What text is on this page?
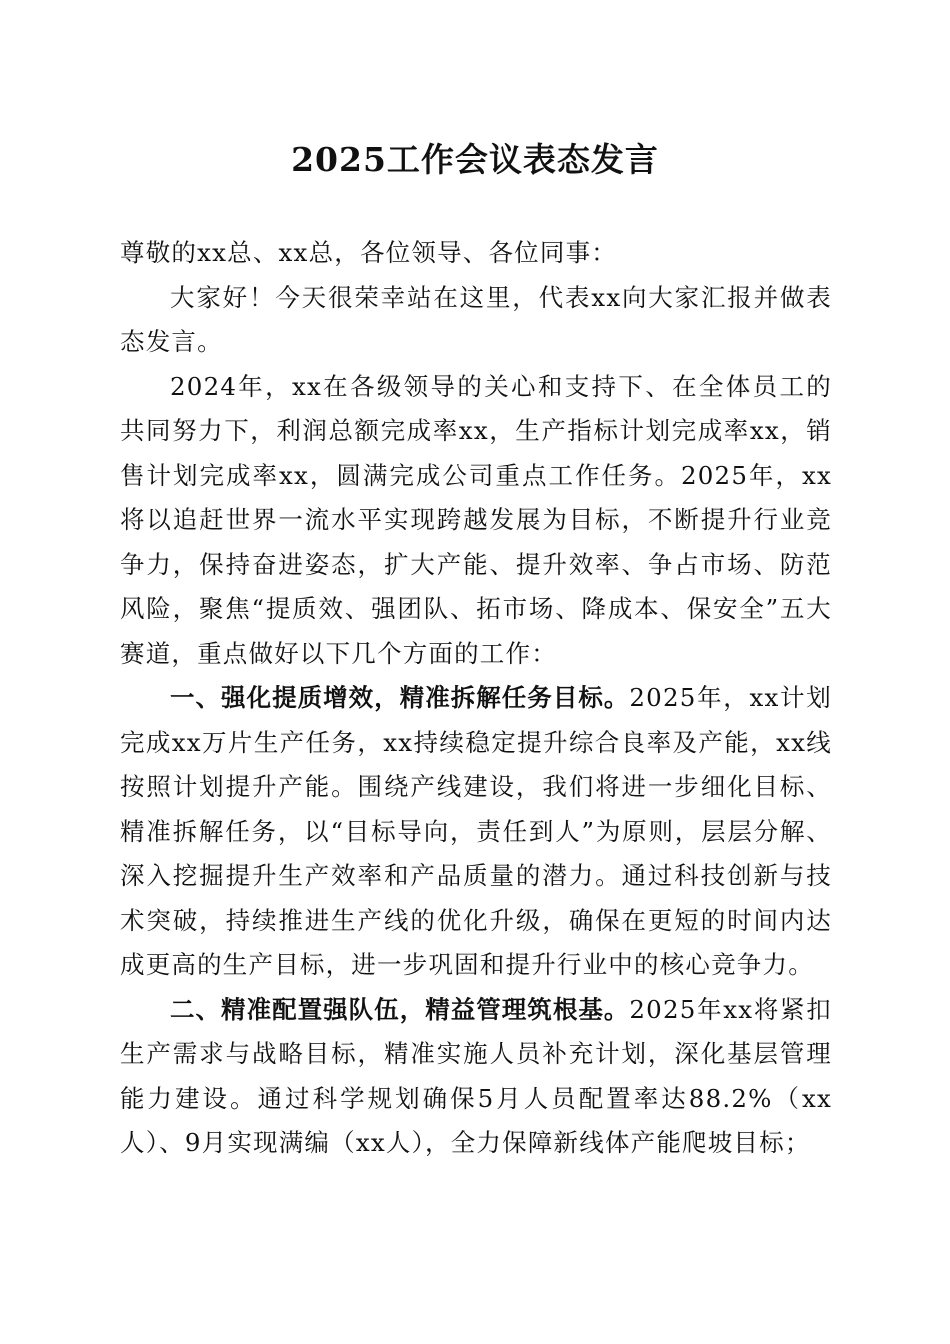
2025工作会议表态发言

尊敬的xx总、xx总，各位领导、各位同事：

大家好！今天很荣幸站在这里，代表xx向大家汇报并做表态发言。

2024年，xx在各级领导的关心和支持下、在全体员工的共同努力下，利润总额完成率xx，生产指标计划完成率xx，销售计划完成率xx，圆满完成公司重点工作任务。2025年，xx将以追赶世界一流水平实现跨越发展为目标，不断提升行业竞争力，保持奋进姿态，扩大产能、提升效率、争占市场、防范风险，聚焦“提质效、强团队、拓市场、降成本、保安全”五大赛道，重点做好以下几个方面的工作：

一、强化提质增效，精准拆解任务目标。2025年，xx计划完成xx万片生产任务，xx持续稳定提升综合良率及产能，xx线按照计划提升产能。围绕产线建设，我们将进一步细化目标、精准拆解任务，以“目标导向，责任到人”为原则，层层分解、深入挖掘提升生产效率和产品质量的潜力。通过科技创新与技术突破，持续推进生产线的优化升级，确保在更短的时间内达成更高的生产目标，进一步巩固和提升行业中的核心竞争力。

二、精准配置强队伍，精益管理筑根基。2025年xx将紧扣生产需求与战略目标，精准实施人员补充计划，深化基层管理能力建设。通过科学规划确保5月人员配置率达88.2%（xx人）、9月实现满编（xx人），全力保障新线体产能爬坡目标；
